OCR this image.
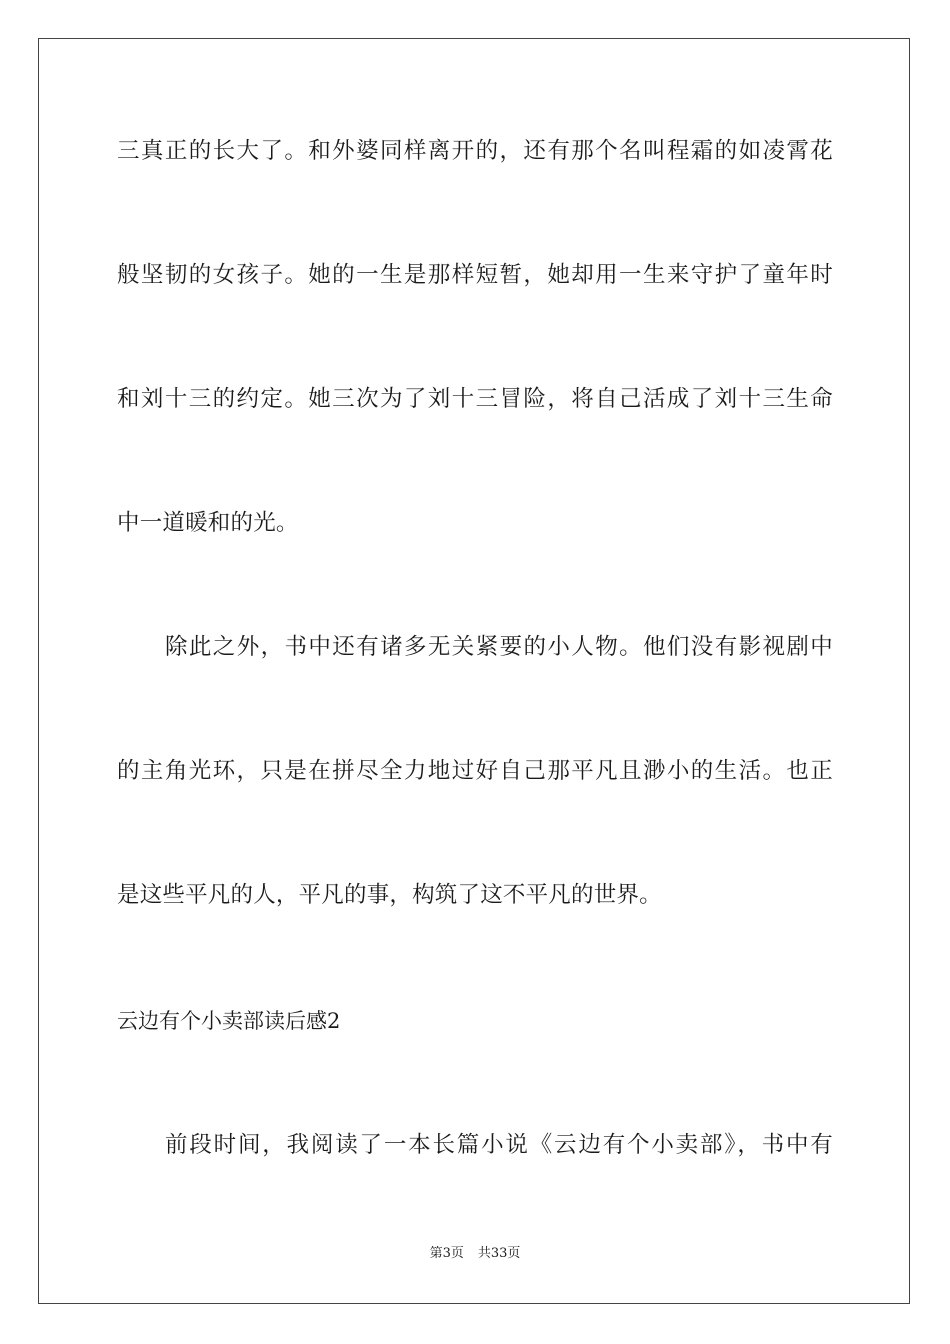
三真正的长大了。和外婆同样离开的，还有那个名叫程霜的如凌霄花
般坚韧的女孩子。她的一生是那样短暂，她却用一生来守护了童年时
和刘十三的约定。她三次为了刘十三冒险，将自己活成了刘十三生命
中一道暖和的光。
除此之外，书中还有诸多无关紧要的小人物。他们没有影视剧中
的主角光环，只是在拼尽全力地过好自己那平凡且渺小的生活。也正
是这些平凡的人，平凡的事，构筑了这不平凡的世界。
云边有个小卖部读后感2
前段时间，我阅读了一本长篇小说《云边有个小卖部》，书中有
第3页 共33页
